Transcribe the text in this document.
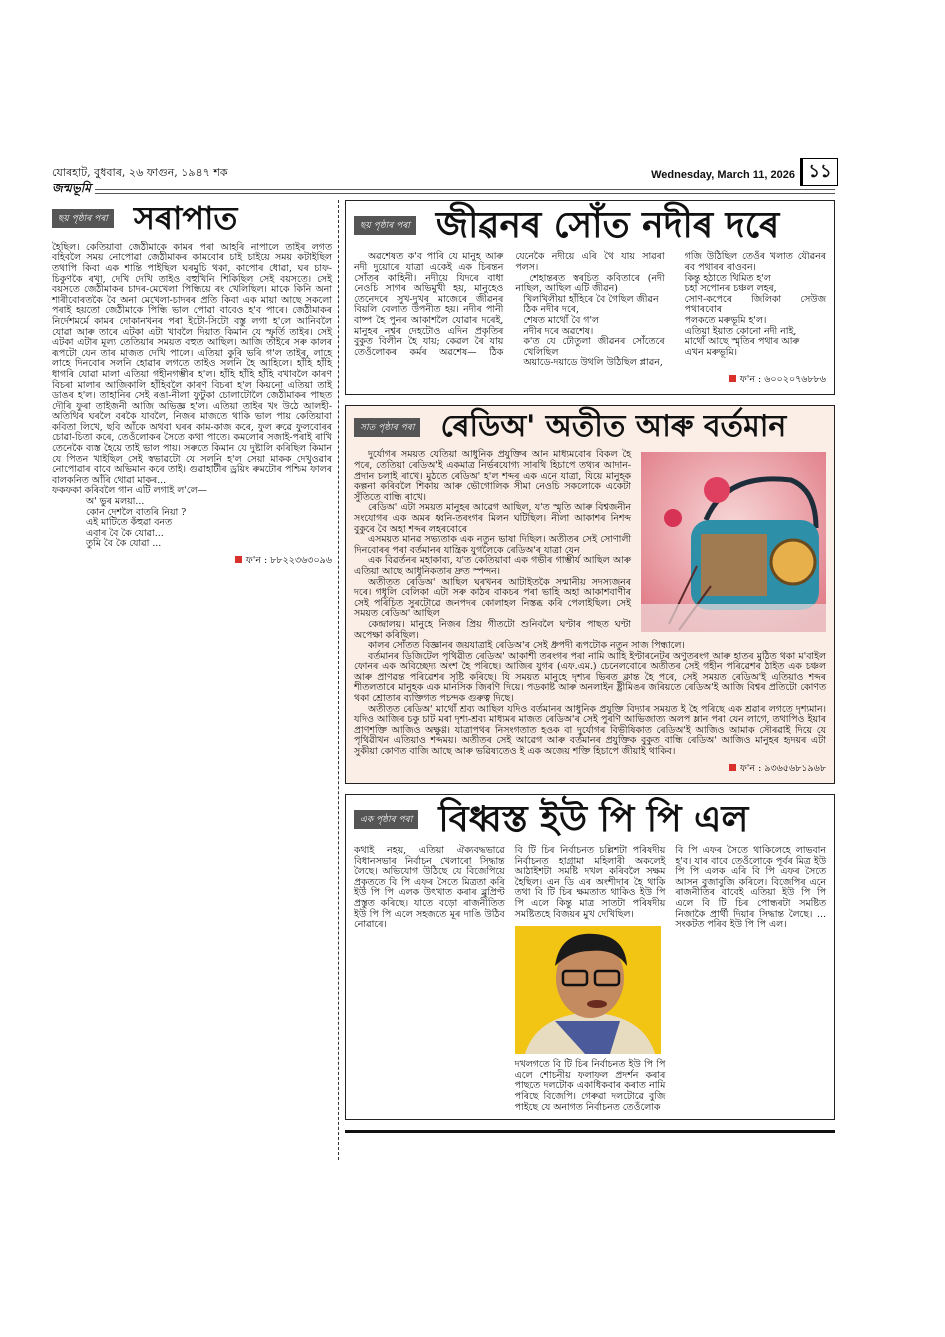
যোৰহাট, বুধবাৰ, ২৬ ফাগুন, ১৯৪৭ শক	Wednesday, March 11, 2026 ১১
জন্মভূমি
ছয় পৃষ্ঠাৰ পৰা সৰাপাত

হৈছিল। কেতিয়াবা জেঠীমাকে কামৰ পৰা আহৰি নাপালে তাইৰ লগত বহিবলৈ সময় নোপোৱা জেঠীমাকৰ কামবোৰ চাই চাইয়ে সময় কটাইছিল তথাপি কিবা এক শান্তি পাইছিল ঘৰমুচি থকা, কাপোৰ ধোৱা, ঘৰ চাফ-চিকুণকৈ ৰখা, দেখি দেখি তাইও বহুখিনি শিকিছিল সেই বয়সতে। সেই বয়সতে জেঠীমাকৰ চাদৰ-মেখেলা পিন্ধিয়ে ৰং খেলিছিল। মাকে কিনি অনা শাৰীবোৰতকৈ বৈ অনা মেখেলা-চাদৰৰ প্ৰতি কিবা এক মায়া আছে সকলো পৰাই হয়তো জেঠীমাকে পিন্ধি ভাল পোৱা বাবেও হ'ব পাৰে। জেঠীমাকৰ নিৰ্দেশমৰ্মে কামৰ দোকানখনৰ পৰা ইটো-সিটো বস্তু লগা হ'লে আনিবলৈ যোৱা আৰু তাৰে এটকা এটা খাবলৈ দিয়াত কিমান যে স্ফূৰ্তি তাইৰ। সেই এটকা এটাৰ মূল্য তেতিয়াৰ সময়ত বহুত আছিল। আজি তাইৰে সৰু কালৰ ৰূপটো যেন তাৰ মাজত দেখি পালে। এতিয়া কুৰি ভৰি গ'ল তাইৰ, লাহে লাহে দিনবোৰ সলনি হোৱাৰ লগতে তাইও সলনি হৈ আহিলে। হাঁহি হাঁহি ধাগৰি যোৱা মালা এতিয়া গহীনগম্ভীৰ হ'ল। হাঁহি হাঁহি হাঁহি বখাবলৈ কাৰণ বিচৰা মালাৰ আজিকালি হাঁহিবলৈ কাৰণ বিচৰা হ'ল কিয়নো এতিয়া তাই ডাঙৰ হ'ল। তাহানিৰ সেই ৰঙা-নীলা ফুটুকা চোলাটোলৈ জেঠীমাকৰ পাছত দৌৰি ফুৰা তাইজনী আজি অভিজ্ঞ হ'ল। এতিয়া তাইৰ খং উঠে আলহী-অতিথিৰ ঘৰলৈ বৰকৈ যাবলৈ, নিজৰ মাজতে থাকি ভাল পায় কেতিয়াবা কবিতা লিখে, ছবি আঁকে অথবা ঘৰৰ কাম-কাজ কৰে, ফুল ৰুৱে ফুলবোৰৰ চোৱা-চিতা কৰে, তেওঁলোকৰ সৈতে কথা পাতে। কমলোৰ সজাই-পৰাই ৰাখি তেনেকৈ ব্যস্ত হৈয়ে তাই ভাল পায়। সৰুতে কিমান যে দুষ্টালি কৰিছিল কিমান যে পিতন খাইছিল সেই স্বভাৱটো যে সলনি হ'ল সেয়া মাকক দেখুওৱাৰ নোপোৱাৰ বাবে অভিমান কৰে তাই। গুৱাহাটীৰ ড্ৰয়িং ৰুমটোৰ পশ্চিম ফালৰ বালকনিত আঁৰি থোৱা মাকৰ...

ফকফকা কৰিবলৈ গান এটি লগাই ল'লে—
অ' ভুৰ মলয়া...
কোন দেশলৈ বাতৰি নিয়া ?
এই মাটিতে কঁহুৱা বনত
এবাৰ বৈ কৈ যোৱা...
তুমি বৈ কৈ যোৱা ...
ফ'ন : ৮৮২২৩৬৩০৯৬
ছয় পৃষ্ঠাৰ পৰা জীৱনৰ সোঁত নদীৰ দৰে

অৱশেষত ক'ব পাৰি যে মানুহ আৰু নদী দুয়োৰে যাত্ৰা একেই এক চিৰন্তন সোঁতৰ কাহিনী। নদীয়ে যিদৰে বাধা নেওচি সাগৰ অভিমুখী হয়, মানুহেও তেনেদৰে সুখ-দুখৰ মাজেৰে জীৱনৰ বিয়লি বেলাত উপনীত হয়। নদীৰ পানী বাষ্প হৈ পুনৰ আকাশলৈ যোৱাৰ দৰেই, মানুহৰ নশ্বৰ দেহটোও এদিন প্ৰকৃতিৰ বুকুত বিলীন হৈ যায়; কেৱল ৰৈ যায় তেওঁলোকৰ কৰ্মৰ অৱশেষ— ঠিক যেনেকৈ নদীয়ে এৰি থৈ যায় সাৱৰা পলস।

শেহান্তৰত স্বৰচিত কবিতাৰে (নদী নাছিল, আছিল এটি জীৱন)

খিলখিলীয়া হাঁহিৰে বৈ গৈছিল জীৱন
ঠিক নদীৰ দৰে,
শেষত মাথোঁ বৈ গ'ল
নদীৰ দৰে অৱশেষ।
ক'ত যে ঢৌতুলা জীৱনৰ সোঁতেৰে খেলিছিল
অয়াডে-দয়াডে উথলি উঠিছিল প্লাৱন,
গজি উঠিছিল তেওঁৰ খলাত যৌৱনৰ ৰব পথাৰৰ ৰাওবন।
কিন্তু হঠাতে থিমিত হ'ল
চহা সপোনৰ চঞ্চল লহৰ,
সোণ-কপেৰে জিলিকা সেউজ পথাৰবোৰ
পলকতে মৰুভূমি হ'ল।
এতিয়া ইয়াত কোনো নদী নাই,
মাথোঁ আছে স্মৃতিৰ পথাৰ আৰু
এখন মৰুভূমি।
ফ'ন : ৬০০২০৭৬৮৮৬
সাত পৃষ্ঠাৰ পৰা ৰেডিঅ' অতীত আৰু বৰ্তমান

দুৰ্যোগৰ সময়ত যেতিয়া আধুনিক প্ৰযুক্তিৰ আন মাধ্যমবোৰ বিকল হৈ পৰে, তেতিয়া ৰেডিঅ'ই একমাত্ৰ নিৰ্ভৰযোগ্য সাৰথি হিচাপে তথ্যৰ আদান-প্ৰদান চলাই ৰাখে। মুঠতে ৰেডিঅ' হ'ল শব্দৰ এক এনে যাত্ৰা, যিয়ে মানুহক কল্পনা কৰিবলৈ শিকায় আৰু ভৌগোলিক সীমা নেওচি সকলোকে একেটা সুঁতিতে বান্ধি ৰাখে।

ৰেডিঅ' এটা সময়ত মানুহৰ আৱেগ আছিল, য'ত স্মৃতি আৰু বিশ্বজনীন সংযোগৰ এক অমৰ ধ্বনি-তৰংগৰ মিলন ঘটিছিল। নীলা আকাশৰ নিশব্দ বুকুৰে বৈ অহা শব্দৰ লহৰবোৰে

এসময়ত মানৱ সভ্যতাক এক নতুন ভাষা দিছিল। অতীতৰ সেই সোণালী দিনবোৰৰ পৰা বৰ্তমানৰ যান্ত্ৰিক যুগলৈকে ৰেডিঅ'ৰ যাত্ৰা যেন

এক বিৱৰ্তনৰ মহাকাব্য, য'ত কেতিয়াবা এক গভীৰ গাম্ভীৰ্য আছিল আৰু এতিয়া আছে আধুনিকতাৰ দ্ৰুত স্পন্দন।

অতীতত ৰেডিঅ' আছিল ঘৰখনৰ আটাইতকৈ সন্মানীয় সদস্যজনৰ দৰে। গধূলি বেলিকা এটা সৰু কাঠৰ বাকচৰ পৰা ভাহি অহা আকাশবাণীৰ সেই পৰিচিত সুৰটোৱে জনপদৰ কোলাহল নিস্তব্ধ কৰি পেলাইছিল। সেই সময়ত ৰেডিঅ' আছিল

কেন্দ্ৰালয়। মানুহে নিজৰ প্ৰিয় গীতটো শুনিবলৈ ঘণ্টাৰ পাছত ঘণ্টা অপেক্ষা কৰিছিল।

কালৰ সোঁতত বিজ্ঞানৰ জয়যাত্ৰাই ৰেডিঅ'ৰ সেই ধ্ৰুপদী ৰূপটোক নতুন সাজ পিন্ধালে।

বৰ্তমানৰ ডিজিটেল পৃথিৱীত ৰেডিঅ' আকাশী তৰংগৰ পৰা নামি আহি ইণ্টাৰনেটৰ অণুতৰংগ আৰু হাতৰ মুঠিত থকা ম'বাইল ফোনৰ এক অবিচ্ছেদ্য অংশ হৈ পৰিছে। আজিৰ যুগৰ (এফ.এম.) চেনেলবোৰে অতীতৰ সেই গহীন পৰিৱেশৰ ঠাইত এক চঞ্চল আৰু প্ৰাণৱন্ত পৰিৱেশৰ সৃষ্টি কৰিছে। যি সময়ত মানুহে দৃশ্যৰ ভিৰত ক্লান্ত হৈ পৰে, সেই সময়ত ৰেডিঅ'ই এতিয়াও শব্দৰ শীতলতাৰে মানুহক এক মানসিক জিৰণি দিয়ে। পডকাষ্ট আৰু অনলাইন ষ্ট্ৰীমিঙৰ জৰিয়তে ৰেডিঅ'ই আজি বিশ্বৰ প্ৰতিটো কোণত থকা শ্ৰোতাৰ ব্যক্তিগত পচন্দক গুৰুত্ব দিছে।

অতীতত ৰেডিঅ' মাথোঁ শ্ৰব্য আছিল যদিও বৰ্তমানৰ আধুনিক প্ৰযুক্তি বিদ্যাৰ সময়ত ই হৈ পৰিছে এক শ্ৰৱাৰ লগতে দৃশ্যমান। যদিও আজিৰ চকু চাট মৰা দৃশ্য-শ্ৰব্য মাধ্যমৰ মাজত ৰেডিঅ'ৰ সেই পুৰণি আভিজাত্য অলপ ম্লান পৰা যেন লাগে, তথাপিও ইয়াৰ প্ৰাণশক্তি আজিও অক্ষুণ্ণ। যাত্ৰাপথৰ নিসংগতাত হওক বা দুৰ্যোগৰ বিভীষিকাত ৰেডিঅ'ই আজিও আমাক সৌৰৱাই দিয়ে যে পৃথিৱীখন এতিয়াও শব্দময়। অতীতৰ সেই আৱেগ আৰু বৰ্তমানৰ প্ৰযুক্তিক বুকুত বান্ধি ৰেডিঅ' আজিও মানুহৰ হৃদয়ৰ এটা সুকীয়া কোণত বাজি আছে আৰু ভৱিষ্যতেও ই এক অজেয় শক্তি হিচাপে জীয়াই থাকিব।

ফ'ন : ৯৩৬৫৬৮১৯৬৮
এক পৃষ্ঠাৰ পৰা বিধ্বস্ত ইউ পি পি এল

কথাই নহয়, এতিয়া ঐক্যবদ্ধভাৱে বিধানসভাৰ নিৰ্বাচন খেলাৰো সিদ্ধান্ত লৈছে। অভিযোগ উঠিছে যে বিজেপিয়ে প্ৰকৃততে বি পি এফৰ সৈতে মিত্ৰতা কৰি ইউ পি পি এলক উৎখাত কৰাৰ ব্লুপ্ৰিণ্ট প্ৰস্তুত কৰিছে। যাতে বড়ো ৰাজনীতিত ইউ পি পি এলে সহজতে মূৰ দাঙি উঠিব নোৱাৰে।

বি টি চিৰ নিৰ্বাচনত চল্লিশটা পৰিষদীয় নিৰ্বাচনত হাগ্ৰামা মহিলাৰী অকলেই আঠাইশটা সমষ্টি দখল কৰিবলৈ সক্ষম হৈছিল। এন ডি এৰ অংশীদাৰ হৈ থাকি তথা বি টি চিৰ ক্ষমতাত থাকিও ইউ পি পি এলে কিন্তু মাত্ৰ সাতটা পৰিষদীয় সমষ্টিতহে বিজয়ৰ মুখ দেখিছিল।

দখলগতে বি টি চিৰ নিৰ্বাচনত ইউ পি পি এলে শোচনীয় ফলাফল প্ৰদৰ্শন কৰাৰ পাছতে দলটোক একাধিকবাৰ কৰাত নামি পৰিছে বিজেপি। গেৰুৱা দলটোৱে বুজি পাইছে যে অনাগত নিৰ্বাচনত তেওঁলোক

বি পি এফৰ সৈতে থাকিলেহে লাভবান হ'ব। যাৰ বাবে তেওঁলোকে পূৰ্বৰ মিত্ৰ ইউ পি পি এলক এৰি বি পি এফৰ সৈতে আসন বুজাবুজি কৰিলে। বিজেপিৰ এনে ৰাজনীতিৰ বাবেই এতিয়া ইউ পি পি এলে বি টি চিৰ পোন্ধৰটা সমষ্টিত নিজাকৈ প্ৰাৰ্থী দিয়াৰ সিদ্ধান্ত লৈছে। ... সংকটত পৰিব ইউ পি পি এল।
